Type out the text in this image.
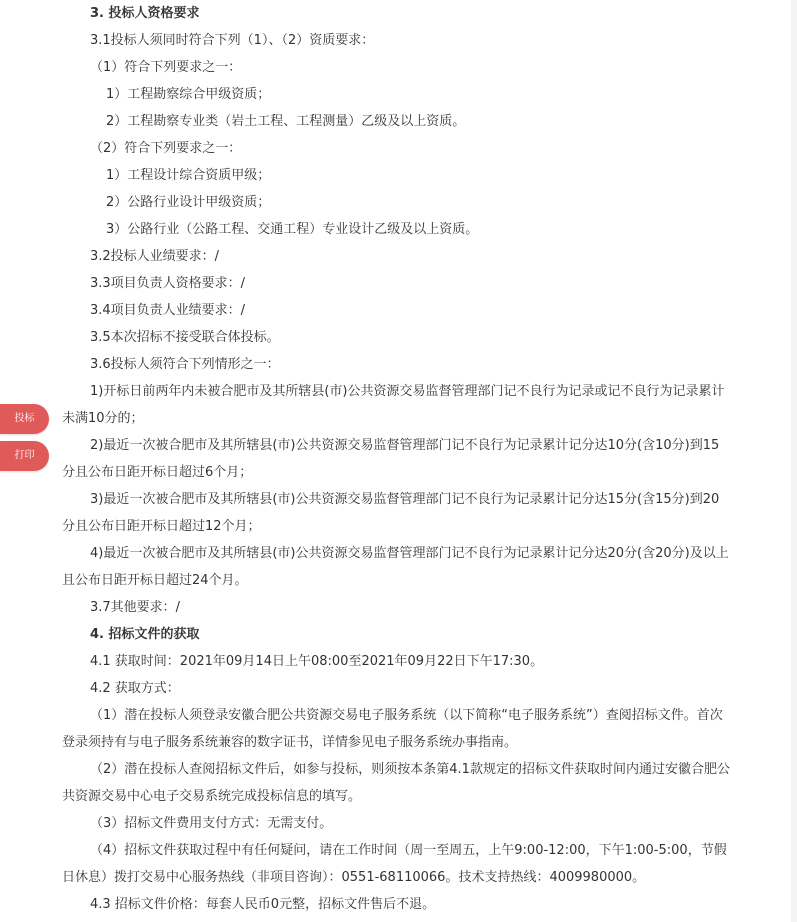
3. 投标人资格要求

3.1投标人须同时符合下列（1）、（2）资质要求：

（1）符合下列要求之一：

1）工程勘察综合甲级资质；

2）工程勘察专业类（岩土工程、工程测量）乙级及以上资质。

（2）符合下列要求之一：

1）工程设计综合资质甲级；

2）公路行业设计甲级资质；

3）公路行业（公路工程、交通工程）专业设计乙级及以上资质。

3.2投标人业绩要求：/

3.3项目负责人资格要求：/

3.4项目负责人业绩要求：/

3.5本次招标不接受联合体投标。

3.6投标人须符合下列情形之一：

1)开标日前两年内未被合肥市及其所辖县(市)公共资源交易监督管理部门记不良行为记录或记不良行为记录累计未满10分的；

2)最近一次被合肥市及其所辖县(市)公共资源交易监督管理部门记不良行为记录累计记分达10分(含10分)到15分且公布日距开标日超过6个月；

3)最近一次被合肥市及其所辖县(市)公共资源交易监督管理部门记不良行为记录累计记分达15分(含15分)到20分且公布日距开标日超过12个月；

4)最近一次被合肥市及其所辖县(市)公共资源交易监督管理部门记不良行为记录累计记分达20分(含20分)及以上且公布日距开标日超过24个月。

3.7其他要求：/

4. 招标文件的获取

4.1 获取时间：2021年09月14日上午08:00至2021年09月22日下午17:30。

4.2 获取方式：

（1）潜在投标人须登录安徽合肥公共资源交易电子服务系统（以下简称“电子服务系统”）查阅招标文件。首次登录须持有与电子服务系统兼容的数字证书，详情参见电子服务系统办事指南。

（2）潜在投标人查阅招标文件后，如参与投标，则须按本条第4.1款规定的招标文件获取时间内通过安徽合肥公共资源交易中心电子交易系统完成投标信息的填写。

（3）招标文件费用支付方式：无需支付。

（4）招标文件获取过程中有任何疑问，请在工作时间（周一至周五，上午9:00-12:00，下午1:00-5:00，节假日休息）拨打交易中心服务热线（非项目咨询）：0551-68110066。技术支持热线：4009980000。

4.3 招标文件价格：每套人民币0元整，招标文件售后不退。

投标
打印
